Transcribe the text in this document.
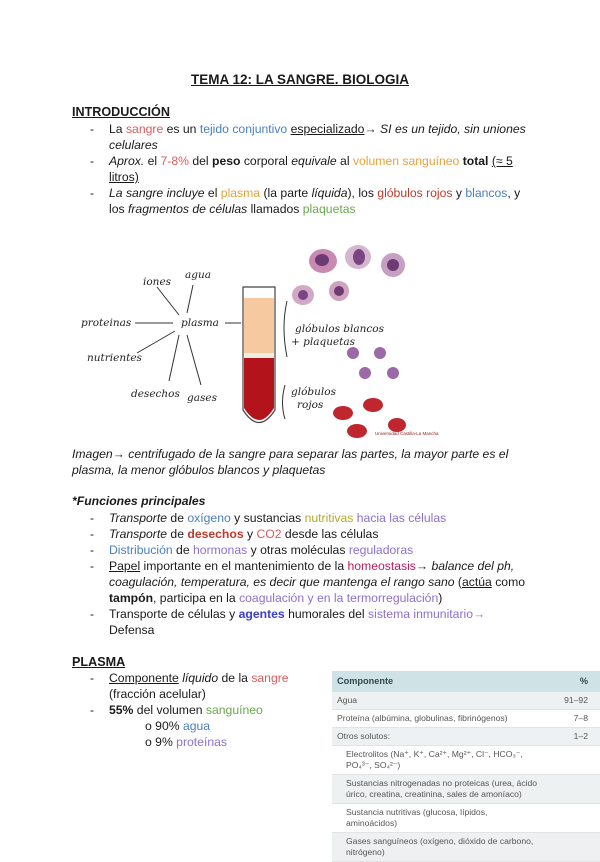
TEMA 12: LA SANGRE. BIOLOGIA
INTRODUCCIÓN
- La sangre es un tejido conjuntivo especializado→ SI es un tejido, sin uniones
celulares
- Aprox. el 7-8% del peso corporal equivale al volumen sanguíneo total (≈ 5
litros)
- La sangre incluye el plasma (la parte líquida), los glóbulos rojos y blancos, y
los fragmentos de células llamados plaquetas
iones
agua
proteinas	plasma
nutrientes
desechos gases
glóbulos blancos
+ plaquetas
glóbulos
rojos
Universidad Castilla-La Mancha
Imagen→ centrifugado de la sangre para separar las partes, la mayor parte es el
plasma, la menor glóbulos blancos y plaquetas
*Funciones principales
- Transporte de oxígeno y sustancias nutritivas hacia las células
- Transporte de desechos y CO2 desde las células
- Distribución de hormonas y otras moléculas reguladoras
- Papel importante en el mantenimiento de la homeostasis→ balance del ph,
coagulación, temperatura, es decir que mantenga el rango sano (actúa como
tampón, participa en la coagulación y en la termorregulación)
- Transporte de células y agentes humorales del sistema inmunitario→
Defensa
PLASMA
- Componente líquido de la sangre
(fracción acelular)
- 55% del volumen sanguíneo
o 90% agua
o 9% proteínas
Componente	%
Agua	91–92
Proteína (albúmina, globulinas, fibrinógenos)	7–8
Otros solutos:	1–2
Electrolitos (Na⁺, K⁺, Ca²⁺, Mg²⁺, Cl⁻, HCO₃⁻, PO₄³⁻, SO₄²⁻)	
Sustancias nitrogenadas no proteicas (urea, ácido úrico, creatina, creatinina, sales de amoníaco)	
Sustancia nutritivas (glucosa, lípidos, aminoácidos)	
Gases sanguíneos (oxígeno, dióxido de carbono, nitrógeno)	
